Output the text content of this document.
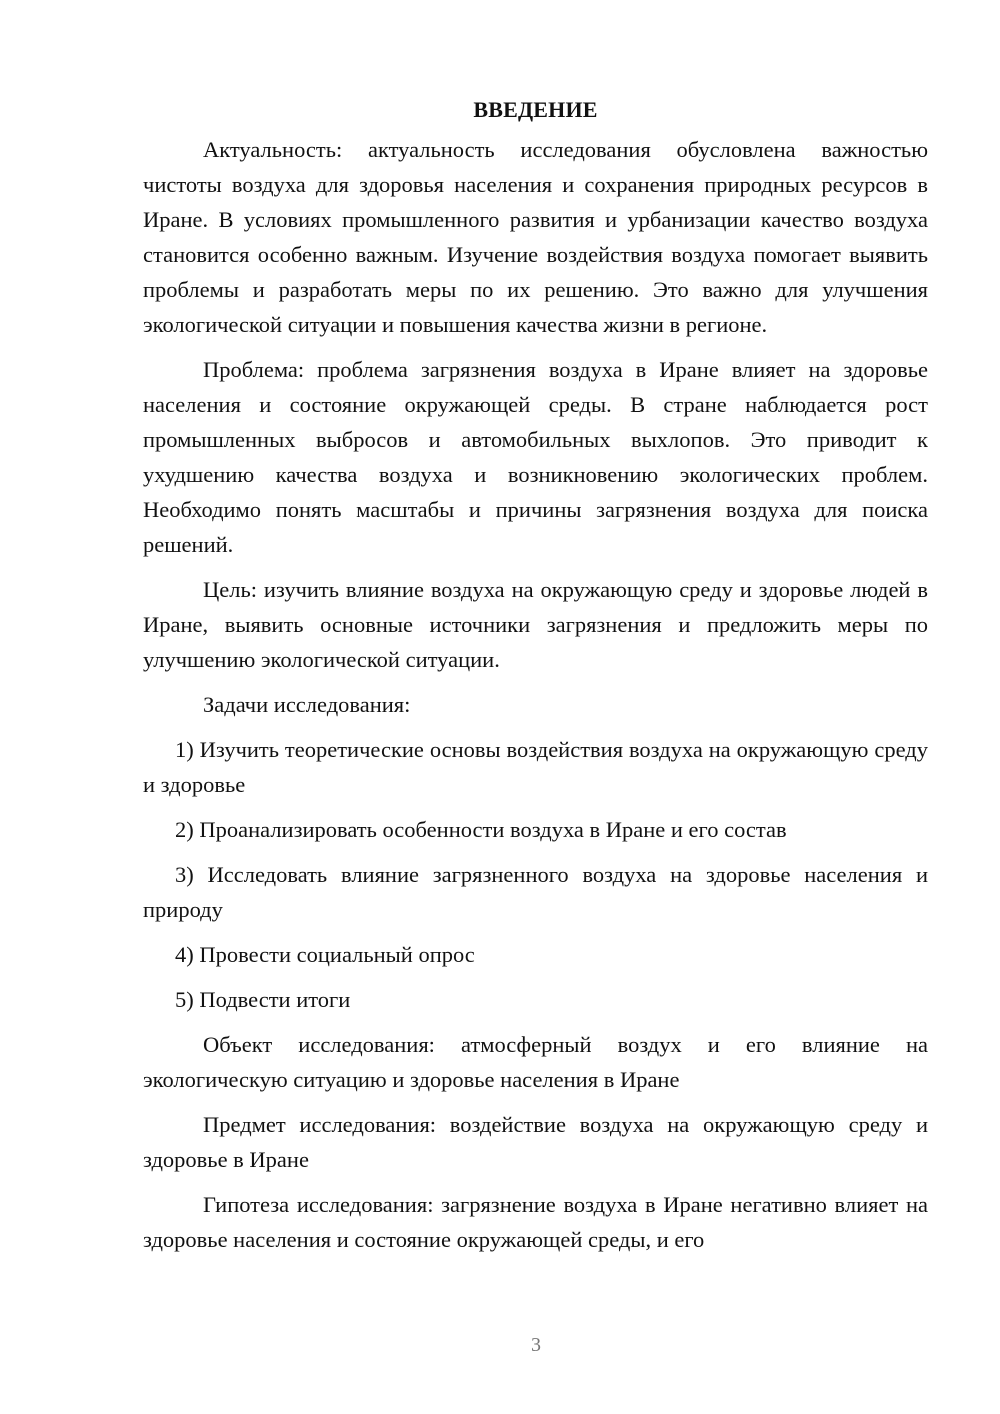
ВВЕДЕНИЕ

Актуальность: актуальность исследования обусловлена важностью чистоты воздуха для здоровья населения и сохранения природных ресурсов в Иране. В условиях промышленного развития и урбанизации качество воздуха становится особенно важным. Изучение воздействия воздуха помогает выявить проблемы и разработать меры по их решению. Это важно для улучшения экологической ситуации и повышения качества жизни в регионе.

Проблема: проблема загрязнения воздуха в Иране влияет на здоровье населения и состояние окружающей среды. В стране наблюдается рост промышленных выбросов и автомобильных выхлопов. Это приводит к ухудшению качества воздуха и возникновению экологических проблем. Необходимо понять масштабы и причины загрязнения воздуха для поиска решений.

Цель: изучить влияние воздуха на окружающую среду и здоровье людей в Иране, выявить основные источники загрязнения и предложить меры по улучшению экологической ситуации.

Задачи исследования:

1) Изучить теоретические основы воздействия воздуха на окружающую среду и здоровье

2) Проанализировать особенности воздуха в Иране и его состав

3) Исследовать влияние загрязненного воздуха на здоровье населения и природу

4) Провести социальный опрос

5) Подвести итоги

Объект исследования: атмосферный воздух и его влияние на экологическую ситуацию и здоровье населения в Иране

Предмет исследования: воздействие воздуха на окружающую среду и здоровье в Иране

Гипотеза исследования: загрязнение воздуха в Иране негативно влияет на здоровье населения и состояние окружающей среды, и его

3
